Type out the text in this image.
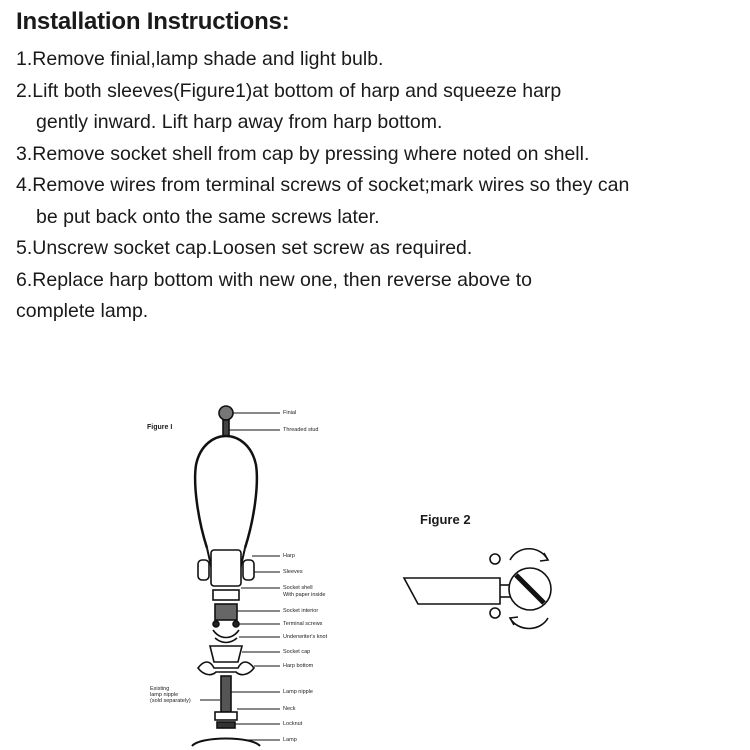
Installation Instructions:

1.Remove finial,lamp shade and light bulb.

2.Lift both sleeves(Figure1)at bottom of harp and squeeze harp
gently inward. Lift harp away from harp bottom.

3.Remove socket shell from cap by pressing where noted on shell.

4.Remove wires from terminal screws of socket;mark wires so they can
be put back onto the same screws later.

5.Unscrew socket cap.Loosen set screw as required.

6.Replace harp bottom with new one, then reverse above to
complete lamp.

Figure I
Finial
Threaded stud
Harp
Sleeves
Socket shell
With paper inside
Socket interior
Terminal screws
Underwriter's knot
Socket cap
Harp bottom
Lamp nipple
Neck
Locknut
Lamp
Existing
lamp nipple
(sold separately)
Figure 2
